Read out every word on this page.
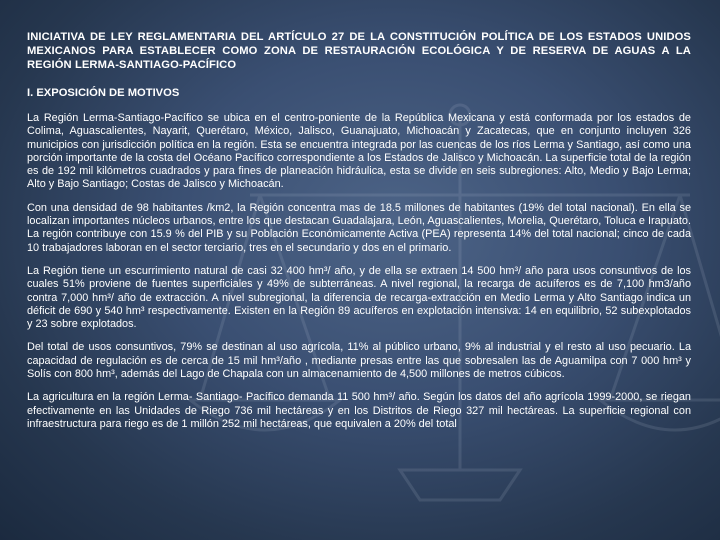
INICIATIVA DE LEY REGLAMENTARIA DEL ARTÍCULO 27 DE LA CONSTITUCIÓN POLÍTICA DE LOS ESTADOS UNIDOS MEXICANOS PARA ESTABLECER COMO ZONA DE RESTAURACIÓN ECOLÓGICA Y DE RESERVA DE AGUAS A LA REGIÓN LERMA-SANTIAGO-PACÍFICO

I. EXPOSICIÓN DE MOTIVOS

La Región Lerma-Santiago-Pacífico se ubica en el centro-poniente de la República Mexicana y está conformada por los estados de Colima, Aguascalientes, Nayarit, Querétaro, México, Jalisco, Guanajuato, Michoacán y Zacatecas, que en conjunto incluyen 326 municipios con jurisdicción política en la región. Esta se encuentra integrada por las cuencas de los ríos Lerma y Santiago, así como una porción importante de la costa del Océano Pacífico correspondiente a los Estados de Jalisco y Michoacán. La superficie total de la región es de 192 mil kilómetros cuadrados y para fines de planeación hidráulica, esta se divide en seis subregiones: Alto, Medio y Bajo Lerma; Alto y Bajo Santiago; Costas de Jalisco y Michoacán.

Con una densidad de 98 habitantes /km2, la Región concentra mas de 18.5 millones de habitantes (19% del total nacional). En ella se localizan importantes núcleos urbanos, entre los que destacan Guadalajara, León, Aguascalientes, Morelia, Querétaro, Toluca e Irapuato. La región contribuye con 15.9 % del PIB y su Población Económicamente Activa (PEA) representa 14% del total nacional; cinco de cada 10 trabajadores laboran en el sector terciario, tres en el secundario y dos en el primario.

La Región tiene un escurrimiento natural de casi 32 400 hm³/ año, y de ella se extraen 14 500 hm³/ año para usos consuntivos de los cuales 51% proviene de fuentes superficiales y 49% de subterráneas. A nivel regional, la recarga de acuíferos es de 7,100 hm3/año contra 7,000 hm³/ año de extracción. A nivel subregional, la diferencia de recarga-extracción en Medio Lerma y Alto Santiago indica un déficit de 690 y 540 hm³ respectivamente. Existen en la Región 89 acuíferos en explotación intensiva: 14 en equilibrio, 52 subexplotados y 23 sobre explotados.

Del total de usos consuntivos, 79% se destinan al uso agrícola, 11% al público urbano, 9% al industrial y el resto al uso pecuario. La capacidad de regulación es de cerca de 15 mil hm³/año , mediante presas entre las que sobresalen las de Aguamilpa con 7 000 hm³ y Solís con 800 hm³, además del Lago de Chapala con un almacenamiento de 4,500 millones de metros cúbicos.

La agricultura en la región Lerma- Santiago- Pacífico demanda 11 500 hm³/ año. Según los datos del año agrícola 1999-2000, se riegan efectivamente en las Unidades de Riego 736 mil hectáreas y en los Distritos de Riego 327 mil hectáreas. La superficie regional con infraestructura para riego es de 1 millón 252 mil hectáreas, que equivalen a 20% del total
